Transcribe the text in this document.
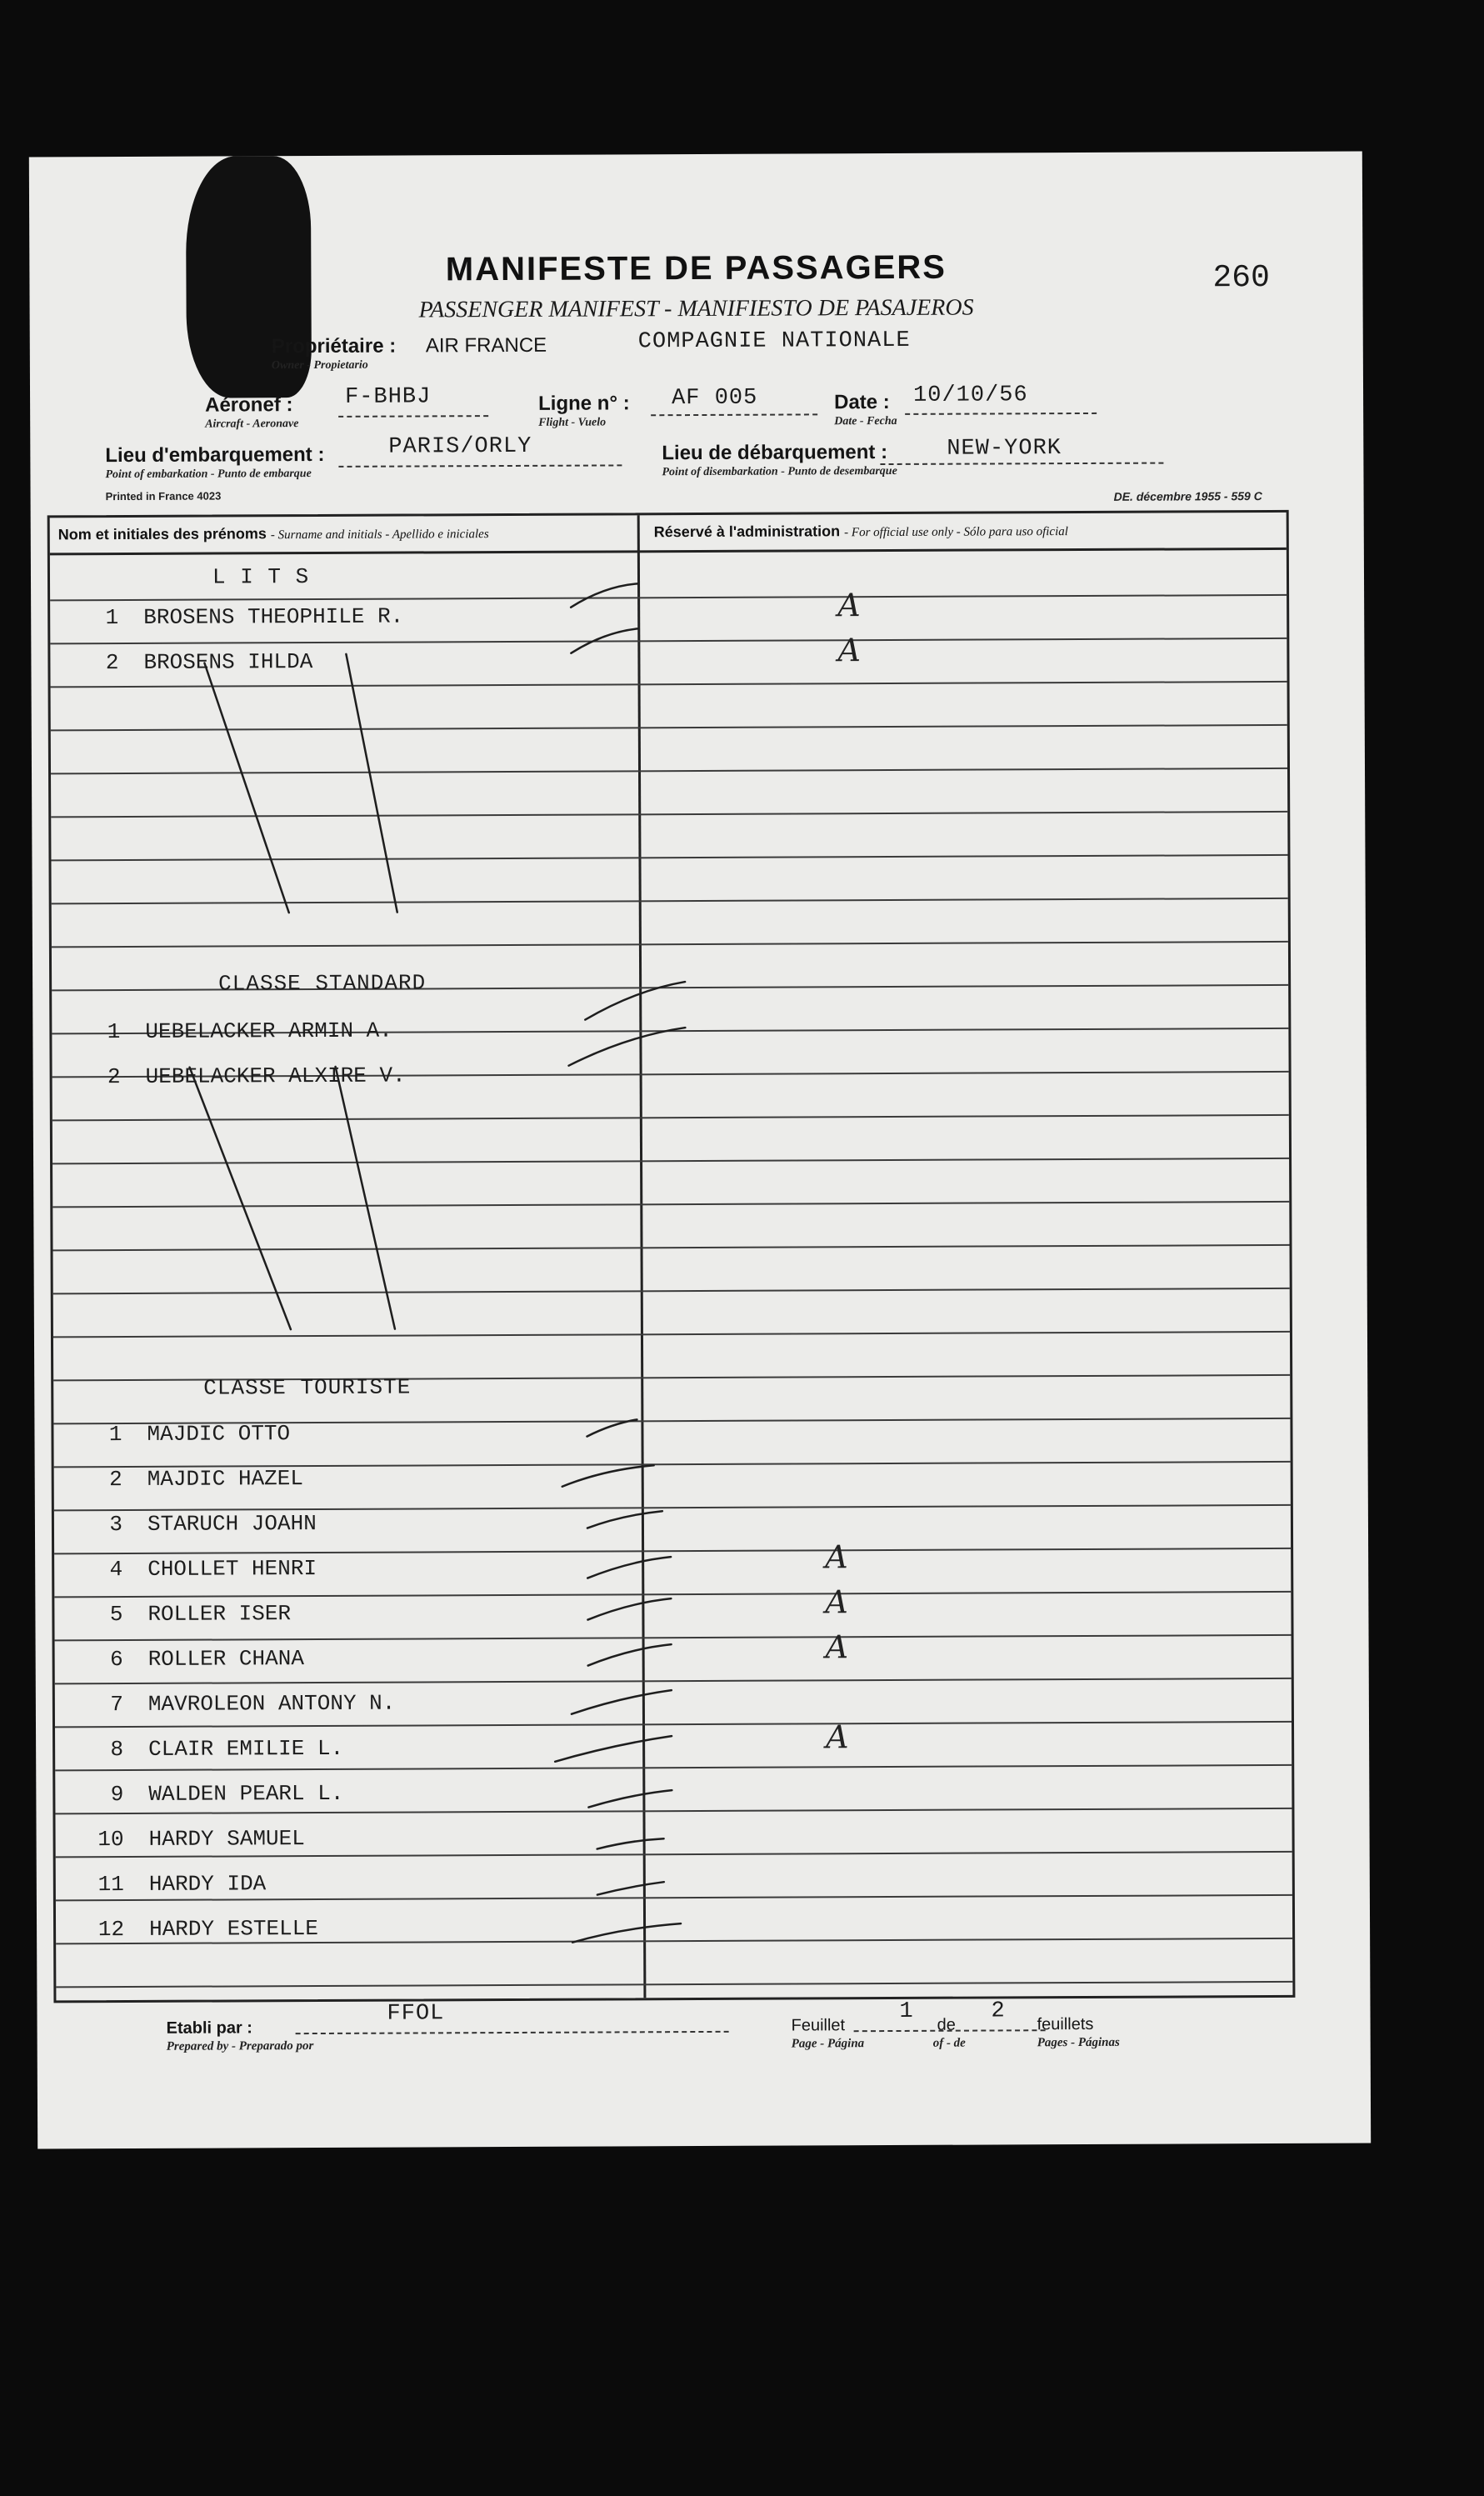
260
MANIFESTE DE PASSAGERS
PASSENGER MANIFEST - MANIFIESTO DE PASAJEROS
Propriétaire :
Owner - Propietario
AIR FRANCE	COMPAGNIE NATIONALE
Aéronef :
Aircraft - Aeronave
F-BHBJ	Ligne n° :
Flight - Vuelo
AF 005	Date :
Date - Fecha
10/10/56
Lieu d'embarquement :
Point of embarkation - Punto de embarque
PARIS/ORLY	Lieu de débarquement :
Point of disembarkation - Punto de desembarque
NEW-YORK
Printed in France 4023	DE. décembre 1955 - 559 C
Nom et initiales des prénoms - Surname and initials - Apellido e iniciales	Réservé à l'administration - For official use only - Sólo para uso oficial
L I T S
CLASSE STANDARD
CLASSE TOURISTE
1 BROSENS THEOPHILE R.	A
2 BROSENS IHLDA	A
1 UEBELACKER ARMIN A.
2 UEBELACKER ALXIRE V.
1 MAJDIC OTTO
2 MAJDIC HAZEL
3 STARUCH JOAHN
4 CHOLLET HENRI	A
5 ROLLER ISER	A
6 ROLLER CHANA	A
7 MAVROLEON ANTONY N.
8 CLAIR EMILIE L.	A
9 WALDEN PEARL L.
10 HARDY SAMUEL
11 HARDY IDA
12 HARDY ESTELLE
Etabli par :
Prepared by - Preparado por
FFOL	Feuillet
Page - Página
1
de
of - de
2
feuillets
Pages - Páginas
